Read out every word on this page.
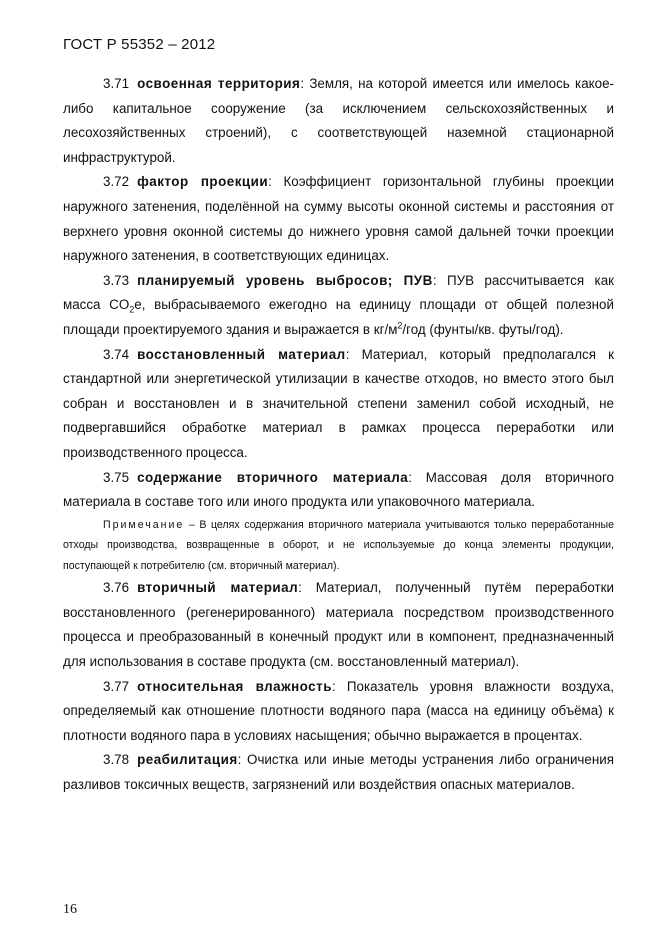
ГОСТ Р 55352 – 2012

3.71 освоенная территория: Земля, на которой имеется или имелось какое-либо капитальное сооружение (за исключением сельскохозяйственных и лесохозяйственных строений), с соответствующей наземной стационарной инфраструктурой.

3.72 фактор проекции: Коэффициент горизонтальной глубины проекции наружного затенения, поделённой на сумму высоты оконной системы и расстояния от верхнего уровня оконной системы до нижнего уровня самой дальней точки проекции наружного затенения, в соответствующих единицах.

3.73 планируемый уровень выбросов; ПУВ: ПУВ рассчитывается как масса $CO_2e$, выбрасываемого ежегодно на единицу площади от общей полезной площади проектируемого здания и выражается в $кг/м^2$/год (фунты/кв. футы/год).

3.74 восстановленный материал: Материал, который предполагался к стандартной или энергетической утилизации в качестве отходов, но вместо этого был собран и восстановлен и в значительной степени заменил собой исходный, не подвергавшийся обработке материал в рамках процесса переработки или производственного процесса.

3.75 содержание вторичного материала: Массовая доля вторичного материала в составе того или иного продукта или упаковочного материала.

Примечание – В целях содержания вторичного материала учитываются только переработанные отходы производства, возвращенные в оборот, и не используемые до конца элементы продукции, поступающей к потребителю (см. вторичный материал).

3.76 вторичный материал: Материал, полученный путём переработки восстановленного (регенерированного) материала посредством производственного процесса и преобразованный в конечный продукт или в компонент, предназначенный для использования в составе продукта (см. восстановленный материал).

3.77 относительная влажность: Показатель уровня влажности воздуха, определяемый как отношение плотности водяного пара (масса на единицу объёма) к плотности водяного пара в условиях насыщения; обычно выражается в процентах.

3.78 реабилитация: Очистка или иные методы устранения либо ограничения разливов токсичных веществ, загрязнений или воздействия опасных материалов.

16
